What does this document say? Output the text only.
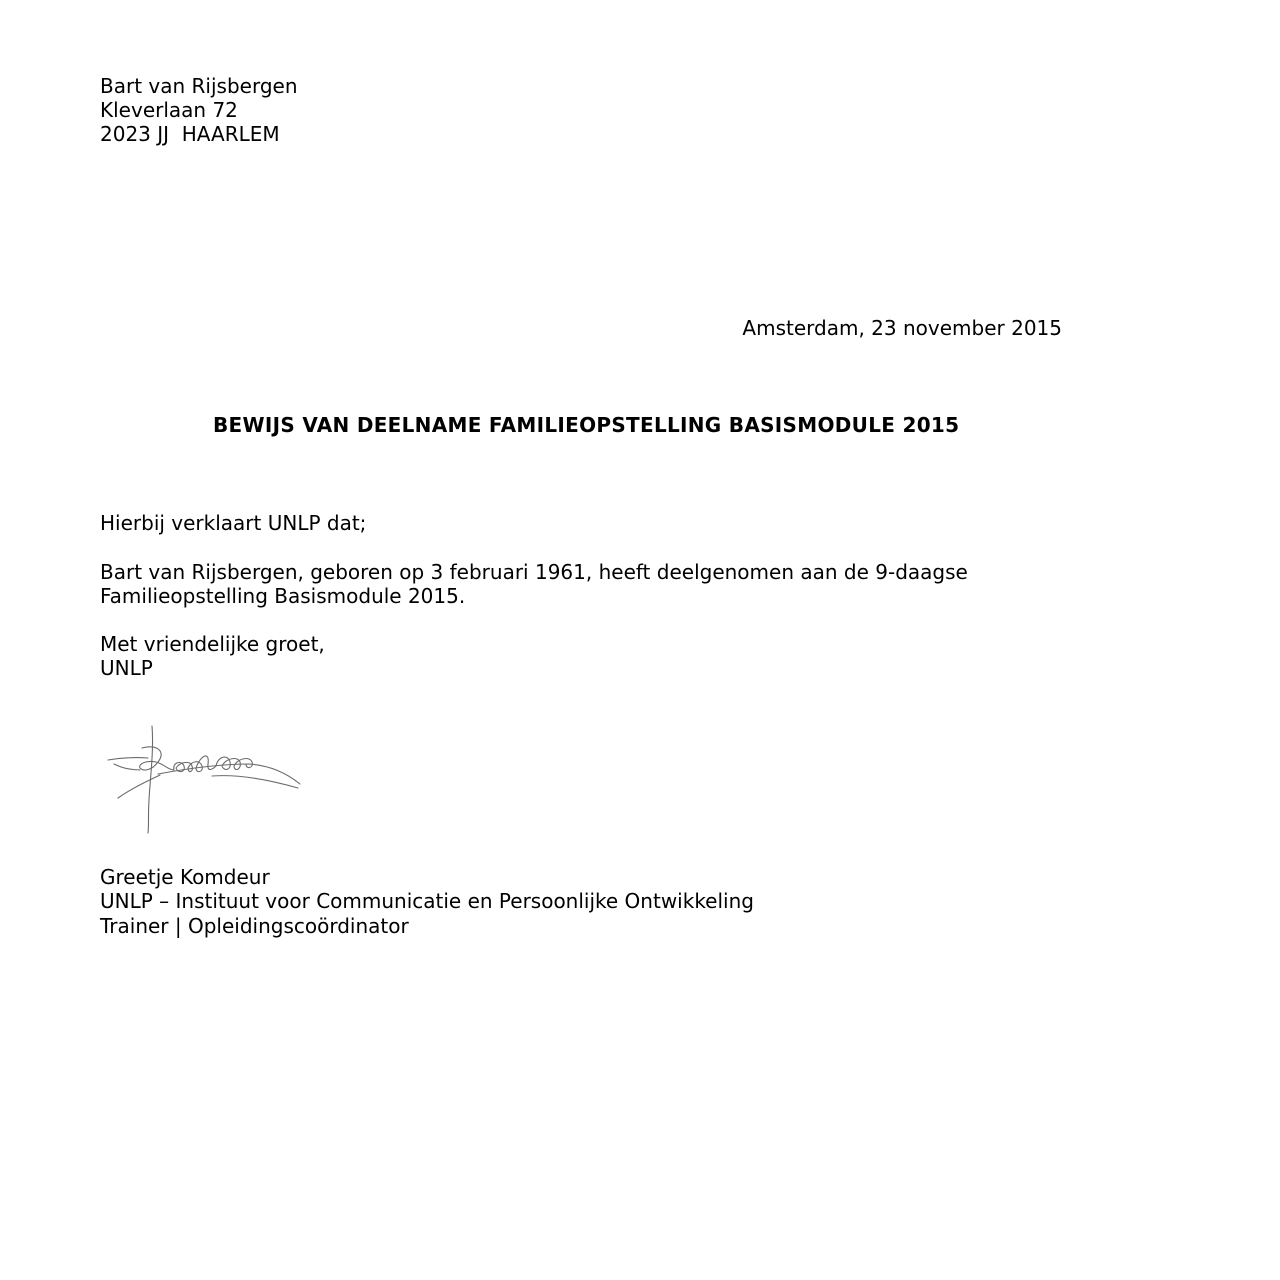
Bart van Rijsbergen
Kleverlaan 72
2023 JJ  HAARLEM
Amsterdam, 23 november 2015
BEWIJS VAN DEELNAME FAMILIEOPSTELLING BASISMODULE 2015
Hierbij verklaart UNLP dat;
Bart van Rijsbergen, geboren op 3 februari 1961, heeft deelgenomen aan de 9-daagse
Familieopstelling Basismodule 2015.
Met vriendelijke groet,
UNLP
Greetje Komdeur
UNLP – Instituut voor Communicatie en Persoonlijke Ontwikkeling
Trainer | Opleidingscoördinator
